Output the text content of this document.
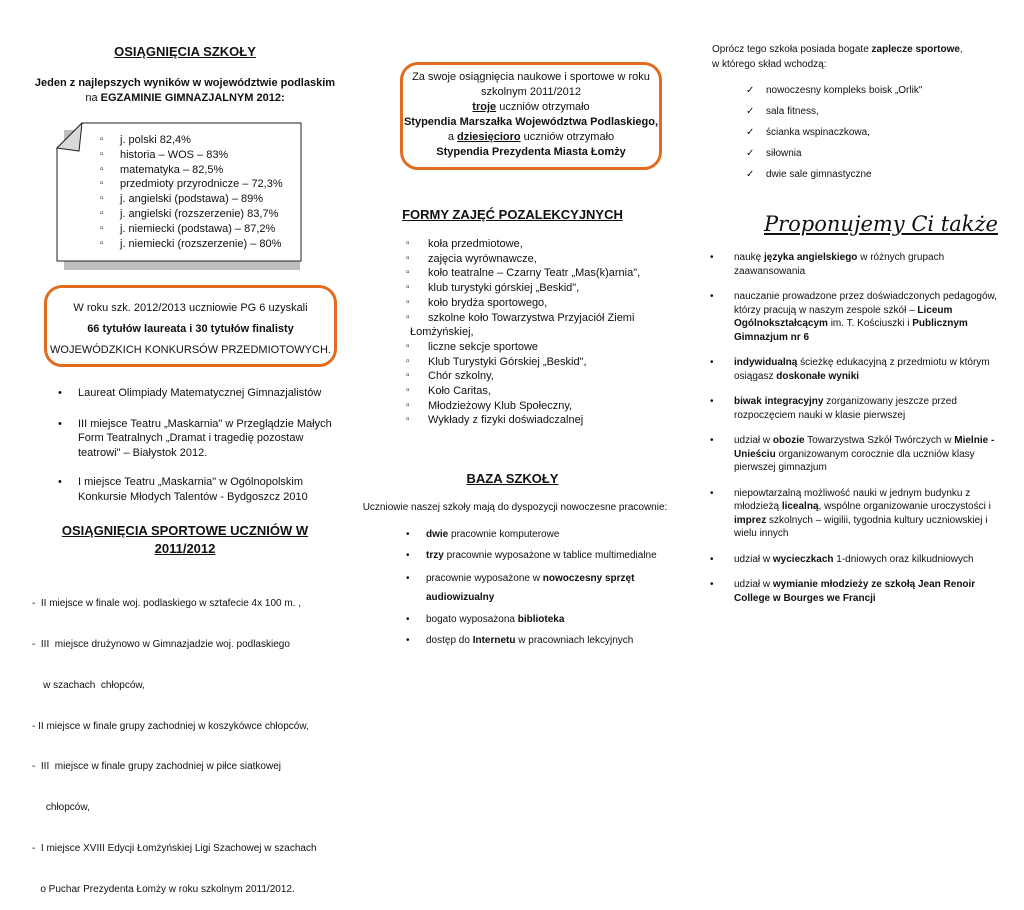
OSIĄGNIĘCIA SZKOŁY
Jeden z najlepszych wyników w województwie podlaskim
na EGZAMINIE GIMNAZJALNYM 2012:
▫ j. polski 82,4%
▫ historia – WOS – 83%
▫ matematyka – 82,5%
▫ przedmioty przyrodnicze – 72,3%
▫ j. angielski (podstawa) – 89%
▫ j. angielski (rozszerzenie) 83,7%
▫ j. niemiecki (podstawa) – 87,2%
▫ j. niemiecki (rozszerzenie) – 80%
W roku szk. 2012/2013 uczniowie PG 6 uzyskali
66 tytułów laureata i 30 tytułów finalisty
WOJEWÓDZKICH KONKURSÓW PRZEDMIOTOWYCH.
• Laureat Olimpiady Matematycznej Gimnazjalistów
• III miejsce Teatru „Maskarnia" w Przeglądzie Małych Form Teatralnych „Dramat i tragedię pozostaw teatrowi" – Białystok 2012.
• I miejsce Teatru „Maskarnia" w Ogólnopolskim Konkursie Młodych Talentów - Bydgoszcz 2010
OSIĄGNIĘCIA SPORTOWE UCZNIÓW W
2011/2012

-  II miejsce w finale woj. podlaskiego w sztafecie 4x 100 m. ,

-  III  miejsce drużynowo w Gimnazjadzie woj. podlaskiego

w szachach  chłopców,

- II miejsce w finale grupy zachodniej w koszykówce chłopców,

-  III  miejsce w finale grupy zachodniej w piłce siatkowej

chłopców,

-  I miejsce XVIII Edycji Łomżyńskiej Ligi Szachowej w szachach

o Puchar Prezydenta Łomży w roku szkolnym 2011/2012.

Za swoje osiągnięcia naukowe i sportowe w roku
szkolnym 2011/2012
troje uczniów otrzymało
Stypendia Marszałka Województwa Podlaskiego,
a dziesięcioro uczniów otrzymało
Stypendia Prezydenta Miasta Łomży
FORMY ZAJĘĆ POZALEKCYJNYCH
▫ koła przedmiotowe,
▫ zajęcia wyrównawcze,
▫ koło teatralne – Czarny Teatr „Mas(k)arnia",
▫ klub turystyki górskiej „Beskid",
▫ koło brydża sportowego,
▫ szkolne koło Towarzystwa Przyjaciół Ziemi
Łomżyńskiej,
▫ liczne sekcje sportowe
▫ Klub Turystyki Górskiej „Beskid",
▫ Chór szkolny,
▫ Koło Caritas,
▫ Młodzieżowy Klub Społeczny,
▫ Wykłady z fizyki doświadczalnej
BAZA SZKOŁY
Uczniowie naszej szkoły mają do dyspozycji nowoczesne pracownie:
• dwie pracownie komputerowe
• trzy pracownie wyposażone w tablice multimedialne
• pracownie wyposażone w nowoczesny sprzęt audiowizualny
• bogato wyposażona biblioteka
• dostęp do Internetu w pracowniach lekcyjnych
Oprócz tego szkoła posiada bogate zaplecze sportowe,
w którego skład wchodzą:
✓ nowoczesny kompleks boisk „Orlik"
✓ sala fitness,
✓ ścianka wspinaczkowa,
✓ siłownia
✓ dwie sale gimnastyczne
Proponujemy Ci także
• naukę języka angielskiego w różnych grupach zaawansowania
• nauczanie prowadzone przez doświadczonych pedagogów, którzy pracują w naszym zespole szkół – Liceum Ogólnokształcącym im. T. Kościuszki i Publicznym Gimnazjum nr 6
• indywidualną ścieżkę edukacyjną z przedmiotu w którym osiągasz doskonałe wyniki
• biwak integracyjny zorganizowany jeszcze przed rozpoczęciem nauki w klasie pierwszej
• udział w obozie Towarzystwa Szkół Twórczych w Mielnie - Unieściu organizowanym corocznie dla uczniów klasy pierwszej gimnazjum
• niepowtarzalną możliwość nauki w jednym budynku z młodzieżą licealną, wspólne organizowanie uroczystości i imprez szkolnych – wigilii, tygodnia kultury uczniowskiej i wielu innych
• udział w wycieczkach 1-dniowych oraz kilkudniowych
• udział w wymianie młodzieży ze szkołą Jean Renoir College w Bourges we Francji
